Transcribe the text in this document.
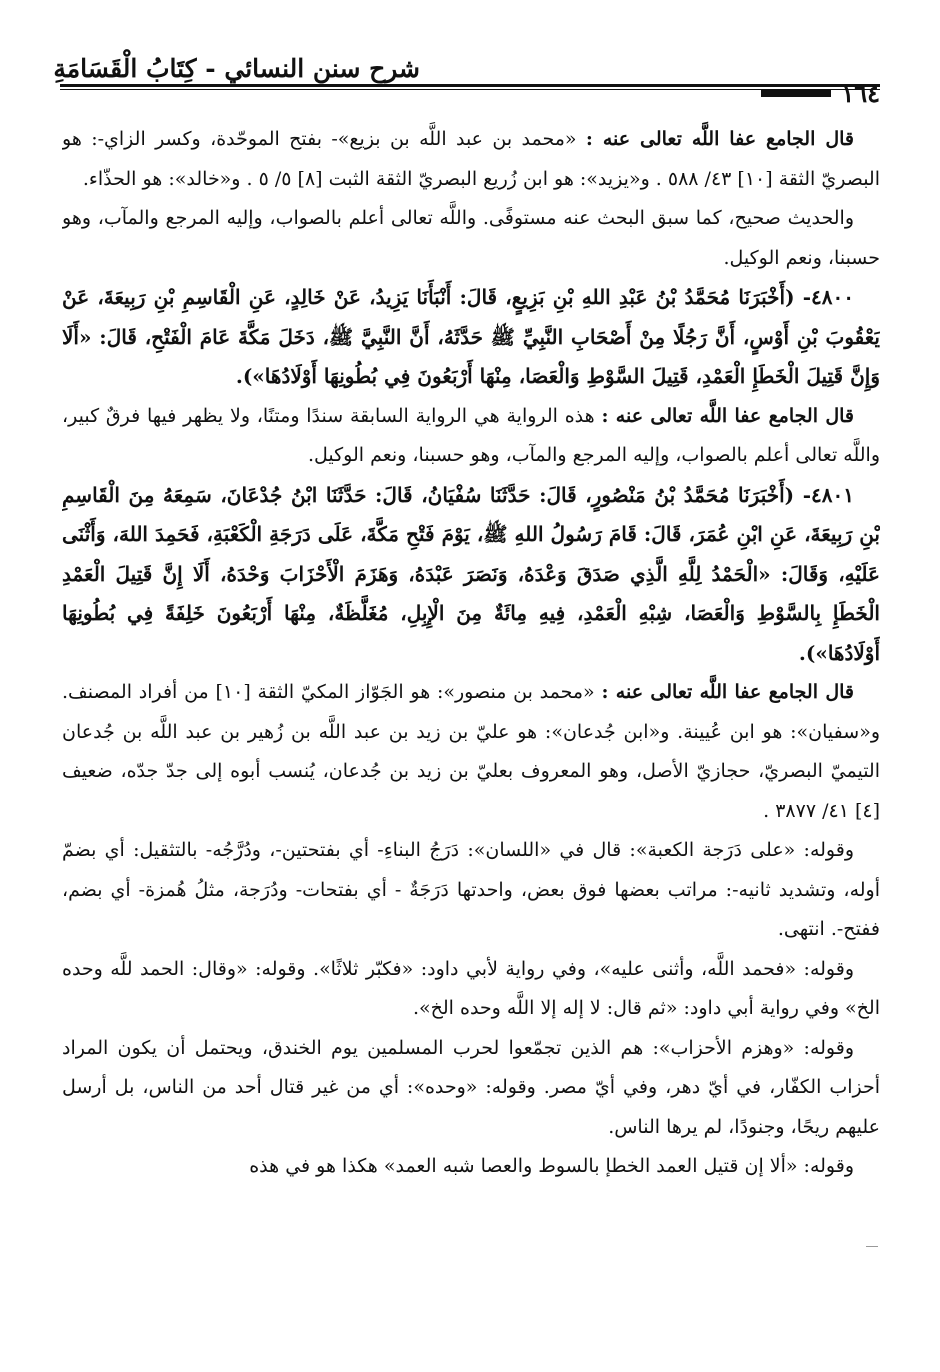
شرح سنن النسائي - كِتَابُ الْقَسَامَةِ
١٦٤

قال الجامع عفا اللَّه تعالى عنه : «محمد بن عبد اللَّه بن بزيع»- بفتح الموحّدة، وكسر الزاي-: هو البصريّ الثقة [١٠] ٤٣/ ٥٨٨ . و«يزيد»: هو ابن زُريع البصريّ الثقة الثبت [٨] ٥/ ٥ . و«خالد»: هو الحذّاء.

والحديث صحيح، كما سبق البحث عنه مستوفًى. واللَّه تعالى أعلم بالصواب، وإليه المرجع والمآب، وهو حسبنا، ونعم الوكيل.

٤٨٠٠- (أَخْبَرَنَا مُحَمَّدُ بْنُ عَبْدِ اللهِ بْنِ بَزِيعٍ، قَالَ: أَنْبَأَنَا يَزِيدُ، عَنْ خَالِدٍ، عَنِ الْقَاسِمِ بْنِ رَبِيعَةَ، عَنْ يَعْقُوبَ بْنِ أَوْسٍ، أَنَّ رَجُلًا مِنْ أَصْحَابِ النَّبِيِّ ﷺ حَدَّثَهُ، أَنَّ النَّبِيَّ ﷺ، دَخَلَ مَكَّةَ عَامَ الْفَتْحِ، قَالَ: «أَلَا وَإِنَّ قَتِيلَ الْخَطَإِ الْعَمْدِ، قَتِيلَ السَّوْطِ وَالْعَصَا، مِنْهَا أَرْبَعُونَ فِي بُطُونِهَا أَوْلَادُهَا»).

قال الجامع عفا اللَّه تعالى عنه : هذه الرواية هي الرواية السابقة سندًا ومتنًا، ولا يظهر فيها فرقٌ كبير، واللَّه تعالى أعلم بالصواب، وإليه المرجع والمآب، وهو حسبنا، ونعم الوكيل.

٤٨٠١- (أَخْبَرَنَا مُحَمَّدُ بْنُ مَنْصُورٍ، قَالَ: حَدَّثَنَا سُفْيَانُ، قَالَ: حَدَّثَنَا ابْنُ جُدْعَانَ، سَمِعَهُ مِنَ الْقَاسِمِ بْنِ رَبِيعَةَ، عَنِ ابْنِ عُمَرَ، قَالَ: قَامَ رَسُولُ اللهِ ﷺ، يَوْمَ فَتْحِ مَكَّةَ، عَلَى دَرَجَةِ الْكَعْبَةِ، فَحَمِدَ اللهَ، وَأَثْنَى عَلَيْهِ، وَقَالَ: «الْحَمْدُ لِلَّهِ الَّذِي صَدَقَ وَعْدَهُ، وَنَصَرَ عَبْدَهُ، وَهَزَمَ الْأَحْزَابَ وَحْدَهُ، أَلَا إِنَّ قَتِيلَ الْعَمْدِ الْخَطَإِ بِالسَّوْطِ وَالْعَصَا، شِبْهِ الْعَمْدِ، فِيهِ مِائَةٌ مِنَ الْإِبِلِ، مُغَلَّظَةٌ، مِنْهَا أَرْبَعُونَ خَلِفَةً فِي بُطُونِهَا أَوْلَادُهَا»).

قال الجامع عفا اللَّه تعالى عنه : «محمد بن منصور»: هو الجَوّاز المكيّ الثقة [١٠] من أفراد المصنف. و«سفيان»: هو ابن عُيينة. و«ابن جُدعان»: هو عليّ بن زيد بن عبد اللَّه بن زُهير بن عبد اللَّه بن جُدعان التيميّ البصريّ، حجازيّ الأصل، وهو المعروف بعليّ بن زيد بن جُدعان، يُنسب أبوه إلى جدّ جدّه، ضعيف [٤] ٤١/ ٣٨٧٧ .

وقوله: «على دَرَجة الكعبة»: قال في «اللسان»: دَرَجُ البناءِ- أي بفتحتين-، ودُرَّجُه- بالتثقيل: أي بضمّ أوله، وتشديد ثانيه-: مراتب بعضها فوق بعض، واحدتها دَرَجَةٌ - أي بفتحات- ودُرَجة، مثلُ هُمزة- أي بضم، ففتح-. انتهى.

وقوله: «فحمد اللَّه، وأثنى عليه»، وفي رواية لأبي داود: «فكبّر ثلاثًا». وقوله: «وقال: الحمد للَّه وحده الخ» وفي رواية أبي داود: «ثم قال: لا إله إلا اللَّه وحده الخ».

وقوله: «وهزم الأحزاب»: هم الذين تجمّعوا لحرب المسلمين يوم الخندق، ويحتمل أن يكون المراد أحزاب الكفّار، في أيّ دهر، وفي أيّ مصر. وقوله: «وحده»: أي من غير قتال أحد من الناس، بل أرسل عليهم ريحًا، وجنودًا، لم يرها الناس.

وقوله: «ألا إن قتيل العمد الخطإ بالسوط والعصا شبه العمد» هكذا هو في هذه
